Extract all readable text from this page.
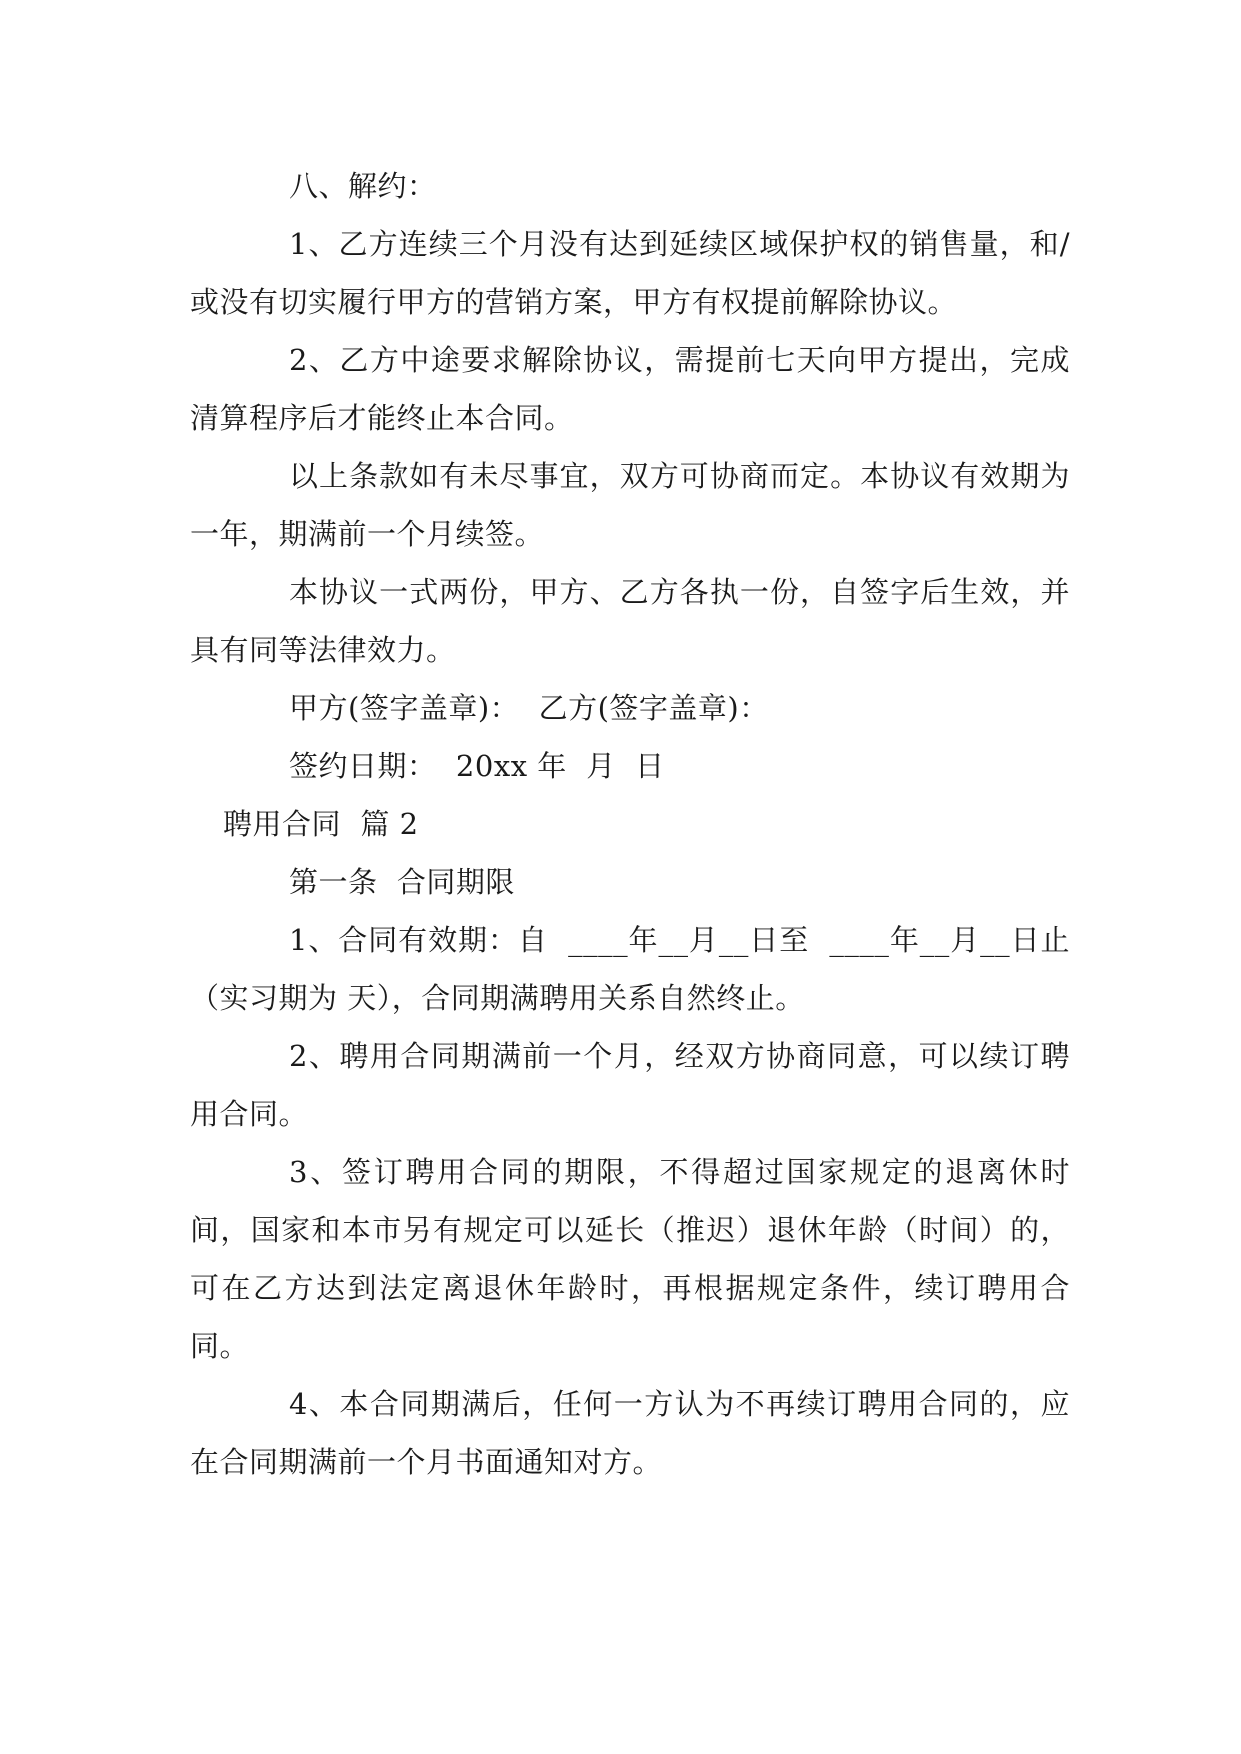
八、解约：

1、乙方连续三个月没有达到延续区域保护权的销售量，和/或没有切实履行甲方的营销方案，甲方有权提前解除协议。

2、乙方中途要求解除协议，需提前七天向甲方提出，完成清算程序后才能终止本合同。

以上条款如有未尽事宜，双方可协商而定。本协议有效期为一年，期满前一个月续签。

本协议一式两份，甲方、乙方各执一份，自签字后生效，并具有同等法律效力。

甲方(签字盖章)：  乙方(签字盖章)：

签约日期：  20xx 年  月  日

聘用合同  篇 2

第一条  合同期限

1、合同有效期：自  ____年__月__日至  ____年__月__日止（实习期为 天），合同期满聘用关系自然终止。

2、聘用合同期满前一个月，经双方协商同意，可以续订聘用合同。

3、签订聘用合同的期限，不得超过国家规定的退离休时间，国家和本市另有规定可以延长（推迟）退休年龄（时间）的，可在乙方达到法定离退休年龄时，再根据规定条件，续订聘用合同。

4、本合同期满后，任何一方认为不再续订聘用合同的，应在合同期满前一个月书面通知对方。
